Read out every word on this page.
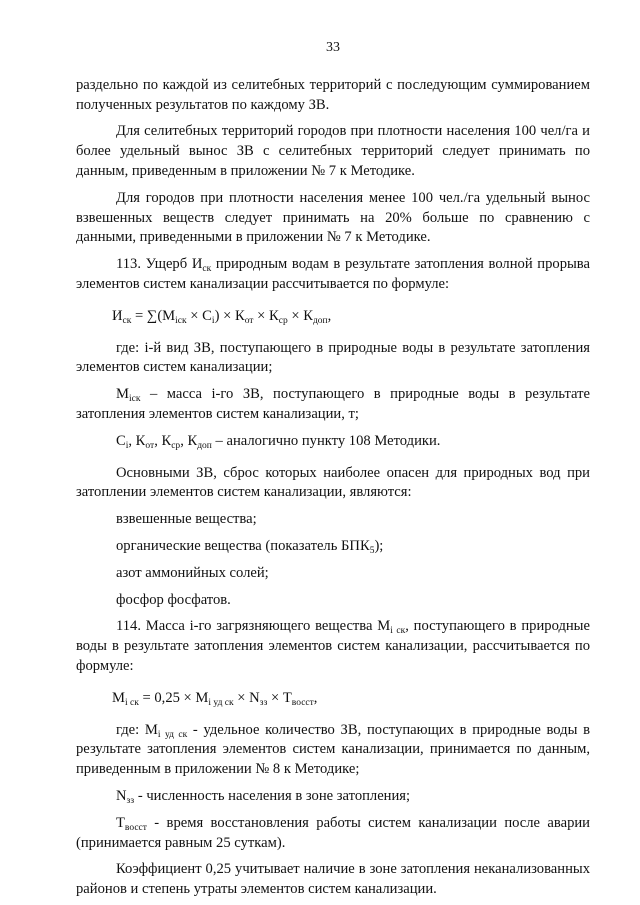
33

раздельно по каждой из селитебных территорий с последующим суммированием полученных результатов по каждому ЗВ.

Для селитебных территорий городов при плотности населения 100 чел/га и более удельный вынос ЗВ с селитебных территорий следует принимать по данным, приведенным в приложении № 7 к Методике.

Для городов при плотности населения менее 100 чел./га удельный вынос взвешенных веществ следует принимать на 20% больше по сравнению с данными, приведенными в приложении № 7 к Методике.

113. Ущерб $И_{ск}$ природным водам в результате затопления волной прорыва элементов систем канализации рассчитывается по формуле:

$И_{ск} = \sum(М_{iск} \times С_i) \times К_{от} \times К_{ср} \times К_{доп}$,

где: i-й вид ЗВ, поступающего в природные воды в результате затопления элементов систем канализации;

$М_{iск}$ – масса i-го ЗВ, поступающего в природные воды в результате затопления элементов систем канализации, т;

$С_i$, $К_{от}$, $К_{ср}$, $К_{доп}$ – аналогично пункту 108 Методики.

Основными ЗВ, сброс которых наиболее опасен для природных вод при затоплении элементов систем канализации, являются:

взвешенные вещества;

органические вещества (показатель $БПК_5$);

азот аммонийных солей;

фосфор фосфатов.

114. Масса i-го загрязняющего вещества $М_{i ск}$, поступающего в природные воды в результате затопления элементов систем канализации, рассчитывается по формуле:

$М_{i ск} = 0,25 \times М_{i уд ск} \times N_{зз} \times Т_{восст}$,

где: $М_{i уд ск}$ - удельное количество ЗВ, поступающих в природные воды в результате затопления элементов систем канализации, принимается по данным, приведенным в приложении № 8 к Методике;

$N_{зз}$ - численность населения в зоне затопления;

$Т_{восст}$ - время восстановления работы систем канализации после аварии (принимается равным 25 суткам).

Коэффициент 0,25 учитывает наличие в зоне затопления неканализованных районов и степень утраты элементов систем канализации.
